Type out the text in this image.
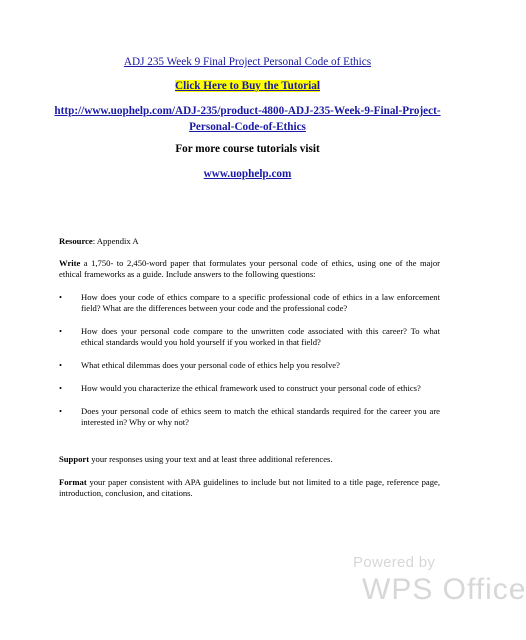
ADJ 235 Week 9 Final Project Personal Code of Ethics
Click Here to Buy the Tutorial
http://www.uophelp.com/ADJ-235/product-4800-ADJ-235-Week-9-Final-Project-Personal-Code-of-Ethics
For more course tutorials visit
www.uophelp.com
Resource: Appendix A
Write a 1,750- to 2,450-word paper that formulates your personal code of ethics, using one of the major ethical frameworks as a guide. Include answers to the following questions:
•	How does your code of ethics compare to a specific professional code of ethics in a law enforcement field? What are the differences between your code and the professional code?
•	How does your personal code compare to the unwritten code associated with this career? To what ethical standards would you hold yourself if you worked in that field?
•	What ethical dilemmas does your personal code of ethics help you resolve?
•	How would you characterize the ethical framework used to construct your personal code of ethics?
•	Does your personal code of ethics seem to match the ethical standards required for the career you are interested in? Why or why not?
Support your responses using your text and at least three additional references.
Format your paper consistent with APA guidelines to include but not limited to a title page, reference page, introduction, conclusion, and citations.
Powered by
WPS Office
